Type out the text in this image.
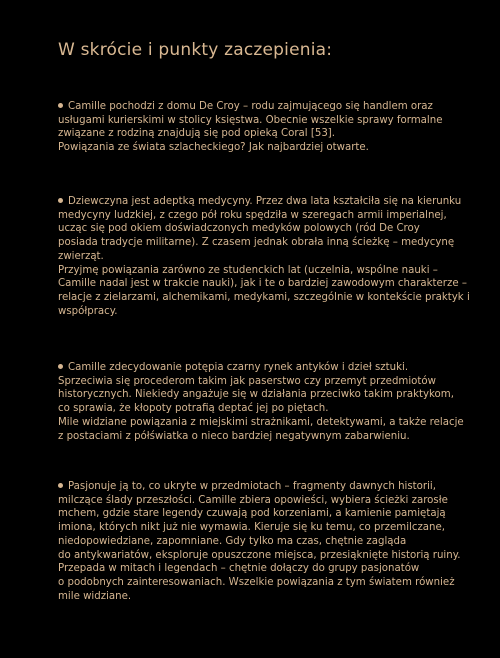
W skrócie i punkty zaczepienia:
Camille pochodzi z domu De Croy – rodu zajmującego się handlem oraz
usługami kurierskimi w stolicy księstwa. Obecnie wszelkie sprawy formalne
związane z rodziną znajdują się pod opieką Coral [53].
Powiązania ze świata szlacheckiego? Jak najbardziej otwarte.
Dziewczyna jest adeptką medycyny. Przez dwa lata kształciła się na kierunku
medycyny ludzkiej, z czego pół roku spędziła w szeregach armii imperialnej,
ucząc się pod okiem doświadczonych medyków polowych (ród De Croy
posiada tradycje militarne). Z czasem jednak obrała inną ścieżkę – medycynę
zwierząt.
Przyjmę powiązania zarówno ze studenckich lat (uczelnia, wspólne nauki –
Camille nadal jest w trakcie nauki), jak i te o bardziej zawodowym charakterze –
relacje z zielarzami, alchemikami, medykami, szczególnie w kontekście praktyk i
współpracy.
Camille zdecydowanie potępia czarny rynek antyków i dzieł sztuki.
Sprzeciwia się procederom takim jak paserstwo czy przemyt przedmiotów
historycznych. Niekiedy angażuje się w działania przeciwko takim praktykom,
co sprawia, że kłopoty potrafią deptać jej po piętach.
Mile widziane powiązania z miejskimi strażnikami, detektywami, a także relacje
z postaciami z półświatka o nieco bardziej negatywnym zabarwieniu.
Pasjonuje ją to, co ukryte w przedmiotach – fragmenty dawnych historii,
milczące ślady przeszłości. Camille zbiera opowieści, wybiera ścieżki zarosłe
mchem, gdzie stare legendy czuwają pod korzeniami, a kamienie pamiętają
imiona, których nikt już nie wymawia. Kieruje się ku temu, co przemilczane,
niedopowiedziane, zapomniane. Gdy tylko ma czas, chętnie zagląda
do antykwariatów, eksploruje opuszczone miejsca, przesiąknięte historią ruiny.
Przepada w mitach i legendach – chętnie dołączy do grupy pasjonatów
o podobnych zainteresowaniach. Wszelkie powiązania z tym światem również
mile widziane.
